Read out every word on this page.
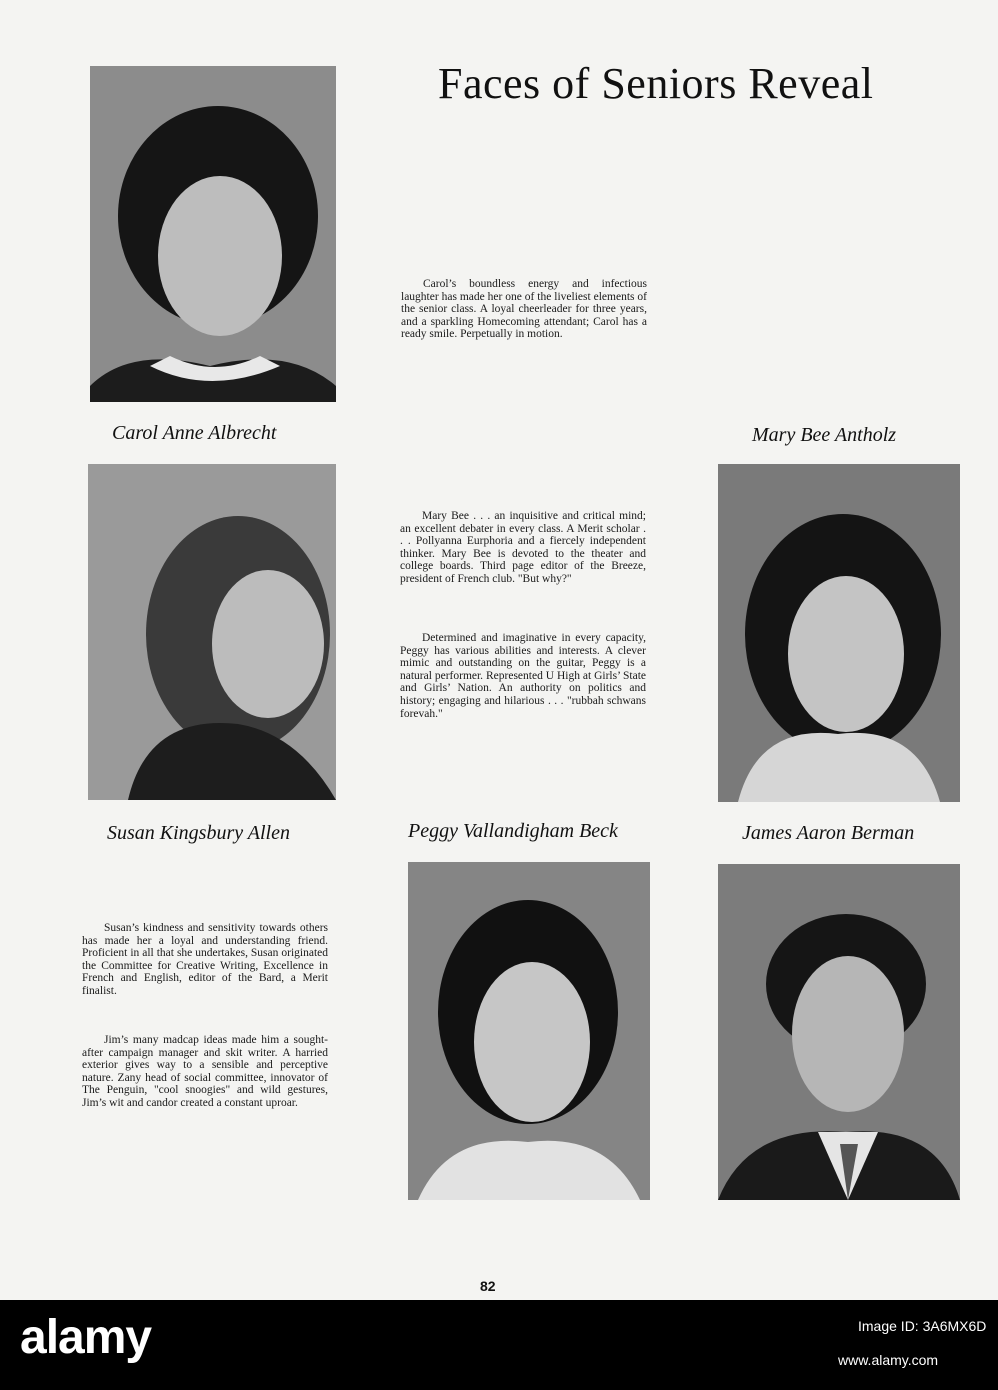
Faces of Seniors Reveal
Carol Anne Albrecht

Carol’s boundless energy and infectious laughter has made her one of the liveliest elements of the senior class. A loyal cheerleader for three years, and a sparkling Homecoming attendant; Carol has a ready smile. Perpetually in motion.

Mary Bee Antholz
Susan Kingsbury Allen

Mary Bee . . . an inquisitive and critical mind; an excellent debater in every class. A Merit scholar . . . Pollyanna Eurphoria and a fiercely independent thinker. Mary Bee is devoted to the theater and college boards. Third page editor of the Breeze, president of French club. "But why?"

Determined and imaginative in every capacity, Peggy has various abilities and interests. A clever mimic and outstanding on the guitar, Peggy is a natural performer. Represented U High at Girls’ State and Girls’ Nation. An authority on politics and history; engaging and hilarious . . . "rubbah schwans forevah."

Peggy Vallandigham Beck	James Aaron Berman

Susan’s kindness and sensitivity towards others has made her a loyal and understanding friend. Proficient in all that she undertakes, Susan originated the Committee for Creative Writing, Excellence in French and English, editor of the Bard, a Merit finalist.

Jim’s many madcap ideas made him a sought-after campaign manager and skit writer. A harried exterior gives way to a sensible and perceptive nature. Zany head of social committee, innovator of The Penguin, "cool snoogies" and wild gestures, Jim’s wit and candor created a constant uproar.

82
alamy	Image ID: 3A6MX6D
www.alamy.com
